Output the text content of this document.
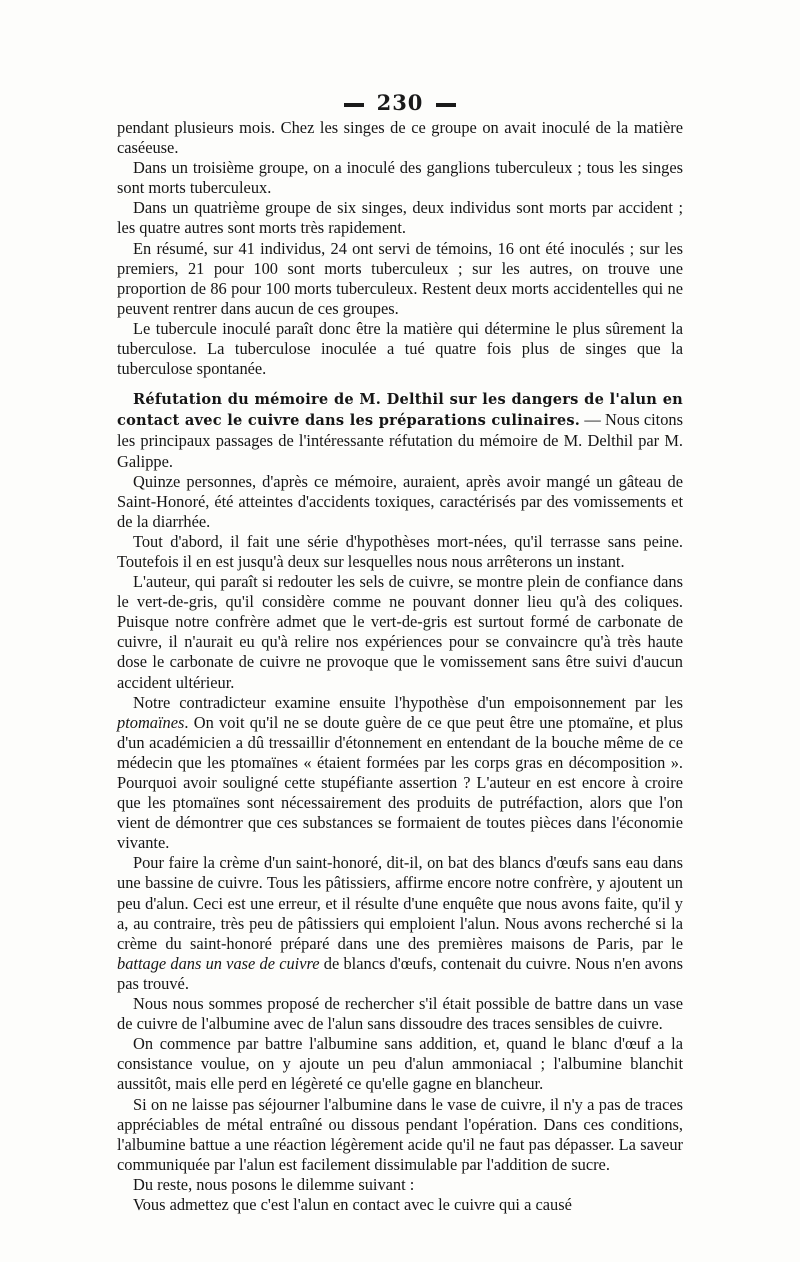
230

pendant plusieurs mois. Chez les singes de ce groupe on avait inoculé de la matière caséeuse.

Dans un troisième groupe, on a inoculé des ganglions tuberculeux ; tous les singes sont morts tuberculeux.

Dans un quatrième groupe de six singes, deux individus sont morts par accident ; les quatre autres sont morts très rapidement.

En résumé, sur 41 individus, 24 ont servi de témoins, 16 ont été inoculés ; sur les premiers, 21 pour 100 sont morts tuberculeux ; sur les autres, on trouve une proportion de 86 pour 100 morts tuberculeux. Restent deux morts accidentelles qui ne peuvent rentrer dans aucun de ces groupes.

Le tubercule inoculé paraît donc être la matière qui détermine le plus sûrement la tuberculose. La tuberculose inoculée a tué quatre fois plus de singes que la tuberculose spontanée.

Réfutation du mémoire de M. Delthil sur les dangers de l'alun en contact avec le cuivre dans les préparations culinaires. — Nous citons les principaux passages de l'intéressante réfutation du mémoire de M. Delthil par M. Galippe.

Quinze personnes, d'après ce mémoire, auraient, après avoir mangé un gâteau de Saint-Honoré, été atteintes d'accidents toxiques, caractérisés par des vomissements et de la diarrhée.

Tout d'abord, il fait une série d'hypothèses mort-nées, qu'il terrasse sans peine. Toutefois il en est jusqu'à deux sur lesquelles nous nous arrêterons un instant.

L'auteur, qui paraît si redouter les sels de cuivre, se montre plein de confiance dans le vert-de-gris, qu'il considère comme ne pouvant donner lieu qu'à des coliques. Puisque notre confrère admet que le vert-de-gris est surtout formé de carbonate de cuivre, il n'aurait eu qu'à relire nos expériences pour se convaincre qu'à très haute dose le carbonate de cuivre ne provoque que le vomissement sans être suivi d'aucun accident ultérieur.

Notre contradicteur examine ensuite l'hypothèse d'un empoisonnement par les ptomaïnes. On voit qu'il ne se doute guère de ce que peut être une ptomaïne, et plus d'un académicien a dû tressaillir d'étonnement en entendant de la bouche même de ce médecin que les ptomaïnes « étaient formées par les corps gras en décomposition ». Pourquoi avoir souligné cette stupéfiante assertion ? L'auteur en est encore à croire que les ptomaïnes sont nécessairement des produits de putréfaction, alors que l'on vient de démontrer que ces substances se formaient de toutes pièces dans l'économie vivante.

Pour faire la crème d'un saint-honoré, dit-il, on bat des blancs d'œufs sans eau dans une bassine de cuivre. Tous les pâtissiers, affirme encore notre confrère, y ajoutent un peu d'alun. Ceci est une erreur, et il résulte d'une enquête que nous avons faite, qu'il y a, au contraire, très peu de pâtissiers qui emploient l'alun. Nous avons recherché si la crème du saint-honoré préparé dans une des premières maisons de Paris, par le battage dans un vase de cuivre de blancs d'œufs, contenait du cuivre. Nous n'en avons pas trouvé.

Nous nous sommes proposé de rechercher s'il était possible de battre dans un vase de cuivre de l'albumine avec de l'alun sans dissoudre des traces sensibles de cuivre.

On commence par battre l'albumine sans addition, et, quand le blanc d'œuf a la consistance voulue, on y ajoute un peu d'alun ammoniacal ; l'albumine blanchit aussitôt, mais elle perd en légèreté ce qu'elle gagne en blancheur.

Si on ne laisse pas séjourner l'albumine dans le vase de cuivre, il n'y a pas de traces appréciables de métal entraîné ou dissous pendant l'opération. Dans ces conditions, l'albumine battue a une réaction légèrement acide qu'il ne faut pas dépasser. La saveur communiquée par l'alun est facilement dissimulable par l'addition de sucre.

Du reste, nous posons le dilemme suivant :

Vous admettez que c'est l'alun en contact avec le cuivre qui a causé
